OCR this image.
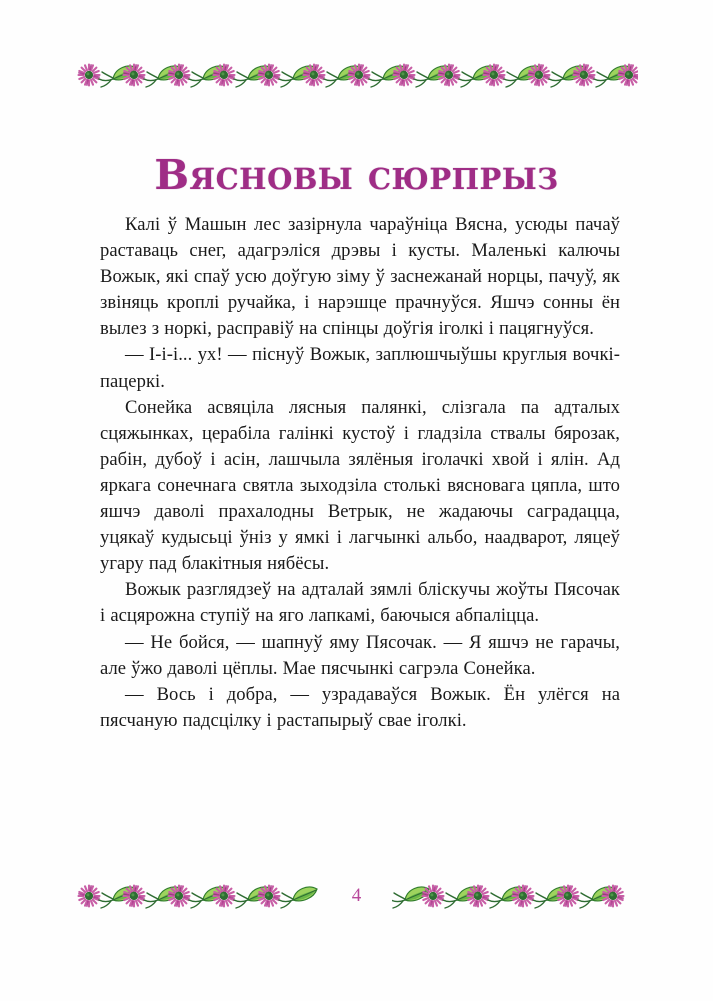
Вясновы сюрпрыз

Калі ў Машын лес зазірнула чараўніца Вясна, усюды пачаў раставаць снег, адагрэліся дрэвы і кусты. Маленькі калючы Вожык, які спаў усю доўгую зіму ў заснежанай норцы, пачуў, як звіняць кроплі ручайка, і нарэшце прачнуўся. Яшчэ сонны ён вылез з норкі, расправіў на спінцы доўгія іголкі і пацягнуўся.

— І-і-і... ух! — піснуў Вожык, заплюшчыўшы круглыя вочкі-пацеркі.

Сонейка асвяціла лясныя палянкі, слізгала па адталых сцяжынках, церабіла галінкі кустоў і гладзіла ствалы бярозак, рабін, дубоў і асін, лашчыла зялёныя іголачкі хвой і ялін. Ад яркага сонечнага святла зыходзіла столькі вясновага цяпла, што яшчэ даволі прахалодны Ветрык, не жадаючы саградацца, уцякаў кудысьці ўніз у ямкі і лагчынкі альбо, наадварот, ляцеў угару пад блакітныя нябёсы.

Вожык разглядзеў на адталай зямлі бліскучы жоўты Пясочак і асцярожна ступіў на яго лапкамі, баючыся абпаліцца.

— Не бойся, — шапнуў яму Пясочак. — Я яшчэ не гарачы, але ўжо даволі цёплы. Мае пясчынкі сагрэла Сонейка.

— Вось і добра, — узрадаваўся Вожык. Ён улёгся на пясчаную падсцілку і растапырыў свае іголкі.

4
